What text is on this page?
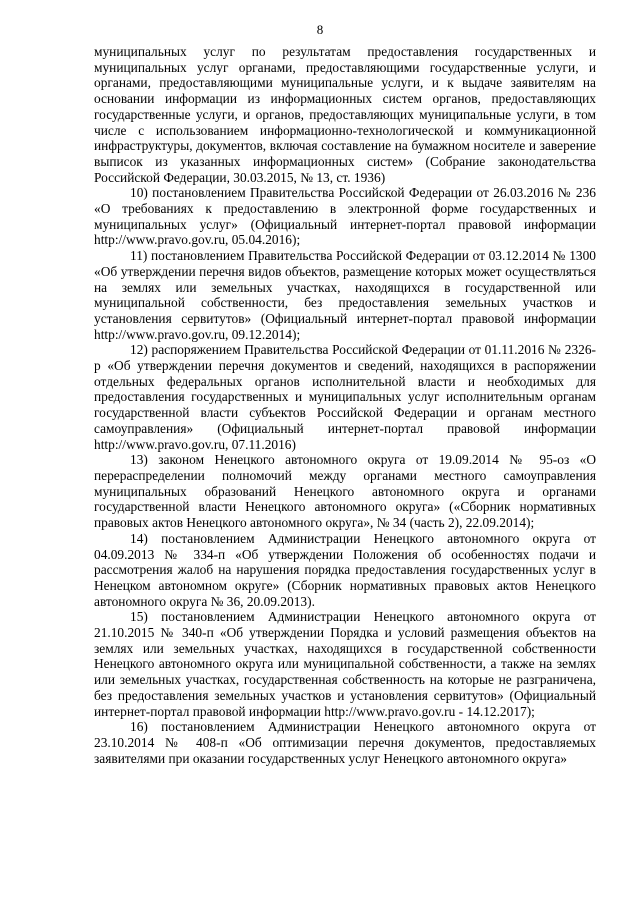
8

муниципальных услуг по результатам предоставления государственных и муниципальных услуг органами, предоставляющими государственные услуги, и органами, предоставляющими муниципальные услуги, и к выдаче заявителям на основании информации из информационных систем органов, предоставляющих государственные услуги, и органов, предоставляющих муниципальные услуги, в том числе с использованием информационно-технологической и коммуникационной инфраструктуры, документов, включая составление на бумажном носителе и заверение выписок из указанных информационных систем» (Собрание законодательства Российской Федерации, 30.03.2015, № 13, ст. 1936)

10) постановлением Правительства Российской Федерации от 26.03.2016 № 236 «О требованиях к предоставлению в электронной форме государственных и муниципальных услуг» (Официальный интернет-портал правовой информации http://www.pravo.gov.ru, 05.04.2016);

11) постановлением Правительства Российской Федерации от 03.12.2014 № 1300 «Об утверждении перечня видов объектов, размещение которых может осуществляться на землях или земельных участках, находящихся в государственной или муниципальной собственности, без предоставления земельных участков и установления сервитутов» (Официальный интернет-портал правовой информации http://www.pravo.gov.ru, 09.12.2014);

12) распоряжением Правительства Российской Федерации от 01.11.2016 № 2326-р «Об утверждении перечня документов и сведений, находящихся в распоряжении отдельных федеральных органов исполнительной власти и необходимых для предоставления государственных и муниципальных услуг исполнительным органам государственной власти субъектов Российской Федерации и органам местного самоуправления» (Официальный интернет-портал правовой информации http://www.pravo.gov.ru, 07.11.2016)

13) законом Ненецкого автономного округа от 19.09.2014 № 95-оз «О перераспределении полномочий между органами местного самоуправления муниципальных образований Ненецкого автономного округа и органами государственной власти Ненецкого автономного округа» («Сборник нормативных правовых актов Ненецкого автономного округа», № 34 (часть 2), 22.09.2014);

14) постановлением Администрации Ненецкого автономного округа от 04.09.2013 № 334-п «Об утверждении Положения об особенностях подачи и рассмотрения жалоб на нарушения порядка предоставления государственных услуг в Ненецком автономном округе» (Сборник нормативных правовых актов Ненецкого автономного округа № 36, 20.09.2013).

15) постановлением Администрации Ненецкого автономного округа от 21.10.2015 № 340-п «Об утверждении Порядка и условий размещения объектов на землях или земельных участках, находящихся в государственной собственности Ненецкого автономного округа или муниципальной собственности, а также на землях или земельных участках, государственная собственность на которые не разграничена, без предоставления земельных участков и установления сервитутов» (Официальный интернет-портал правовой информации http://www.pravo.gov.ru - 14.12.2017);

16) постановлением Администрации Ненецкого автономного округа от 23.10.2014 № 408-п «Об оптимизации перечня документов, предоставляемых заявителями при оказании государственных услуг Ненецкого автономного округа»
